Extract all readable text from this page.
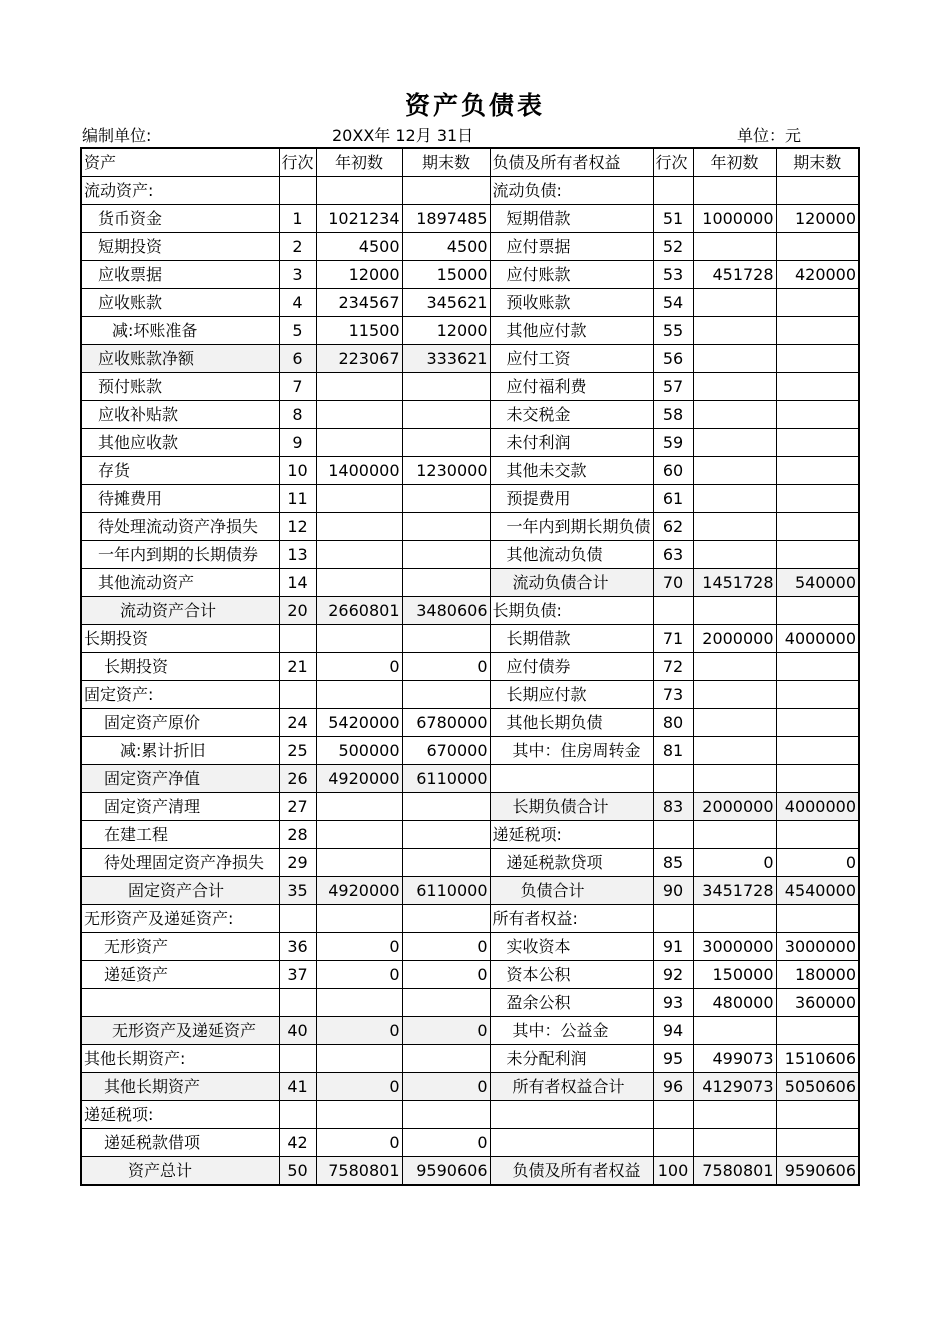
资产负债表
编制单位:	20XX年 12月 31日	单位：元
资产	行次	年初数	期末数	负债及所有者权益	行次	年初数	期末数
流动资产:				流动负债:			
货币资金	1	1021234	1897485	短期借款	51	1000000	120000
短期投资	2	4500	4500	应付票据	52		
应收票据	3	12000	15000	应付账款	53	451728	420000
应收账款	4	234567	345621	预收账款	54		
减:坏账准备	5	11500	12000	其他应付款	55		
应收账款净额	6	223067	333621	应付工资	56		
预付账款	7			应付福利费	57		
应收补贴款	8			未交税金	58		
其他应收款	9			未付利润	59		
存货	10	1400000	1230000	其他未交款	60		
待摊费用	11			预提费用	61		
待处理流动资产净损失	12			一年内到期长期负债	62		
一年内到期的长期债券	13			其他流动负债	63		
其他流动资产	14			流动负债合计	70	1451728	540000
流动资产合计	20	2660801	3480606	长期负债:			
长期投资				长期借款	71	2000000	4000000
长期投资	21	0	0	应付债券	72		
固定资产:				长期应付款	73		
固定资产原价	24	5420000	6780000	其他长期负债	80		
减:累计折旧	25	500000	670000	其中：住房周转金	81		
固定资产净值	26	4920000	6110000				
固定资产清理	27			长期负债合计	83	2000000	4000000
在建工程	28			递延税项:			
待处理固定资产净损失	29			递延税款贷项	85	0	0
固定资产合计	35	4920000	6110000	负债合计	90	3451728	4540000
无形资产及递延资产:				所有者权益:			
无形资产	36	0	0	实收资本	91	3000000	3000000
递延资产	37	0	0	资本公积	92	150000	180000
				盈余公积	93	480000	360000
无形资产及递延资产	40	0	0	其中：公益金	94		
其他长期资产:				未分配利润	95	499073	1510606
其他长期资产	41	0	0	所有者权益合计	96	4129073	5050606
递延税项:							
递延税款借项	42	0	0				
资产总计	50	7580801	9590606	负债及所有者权益	100	7580801	9590606
